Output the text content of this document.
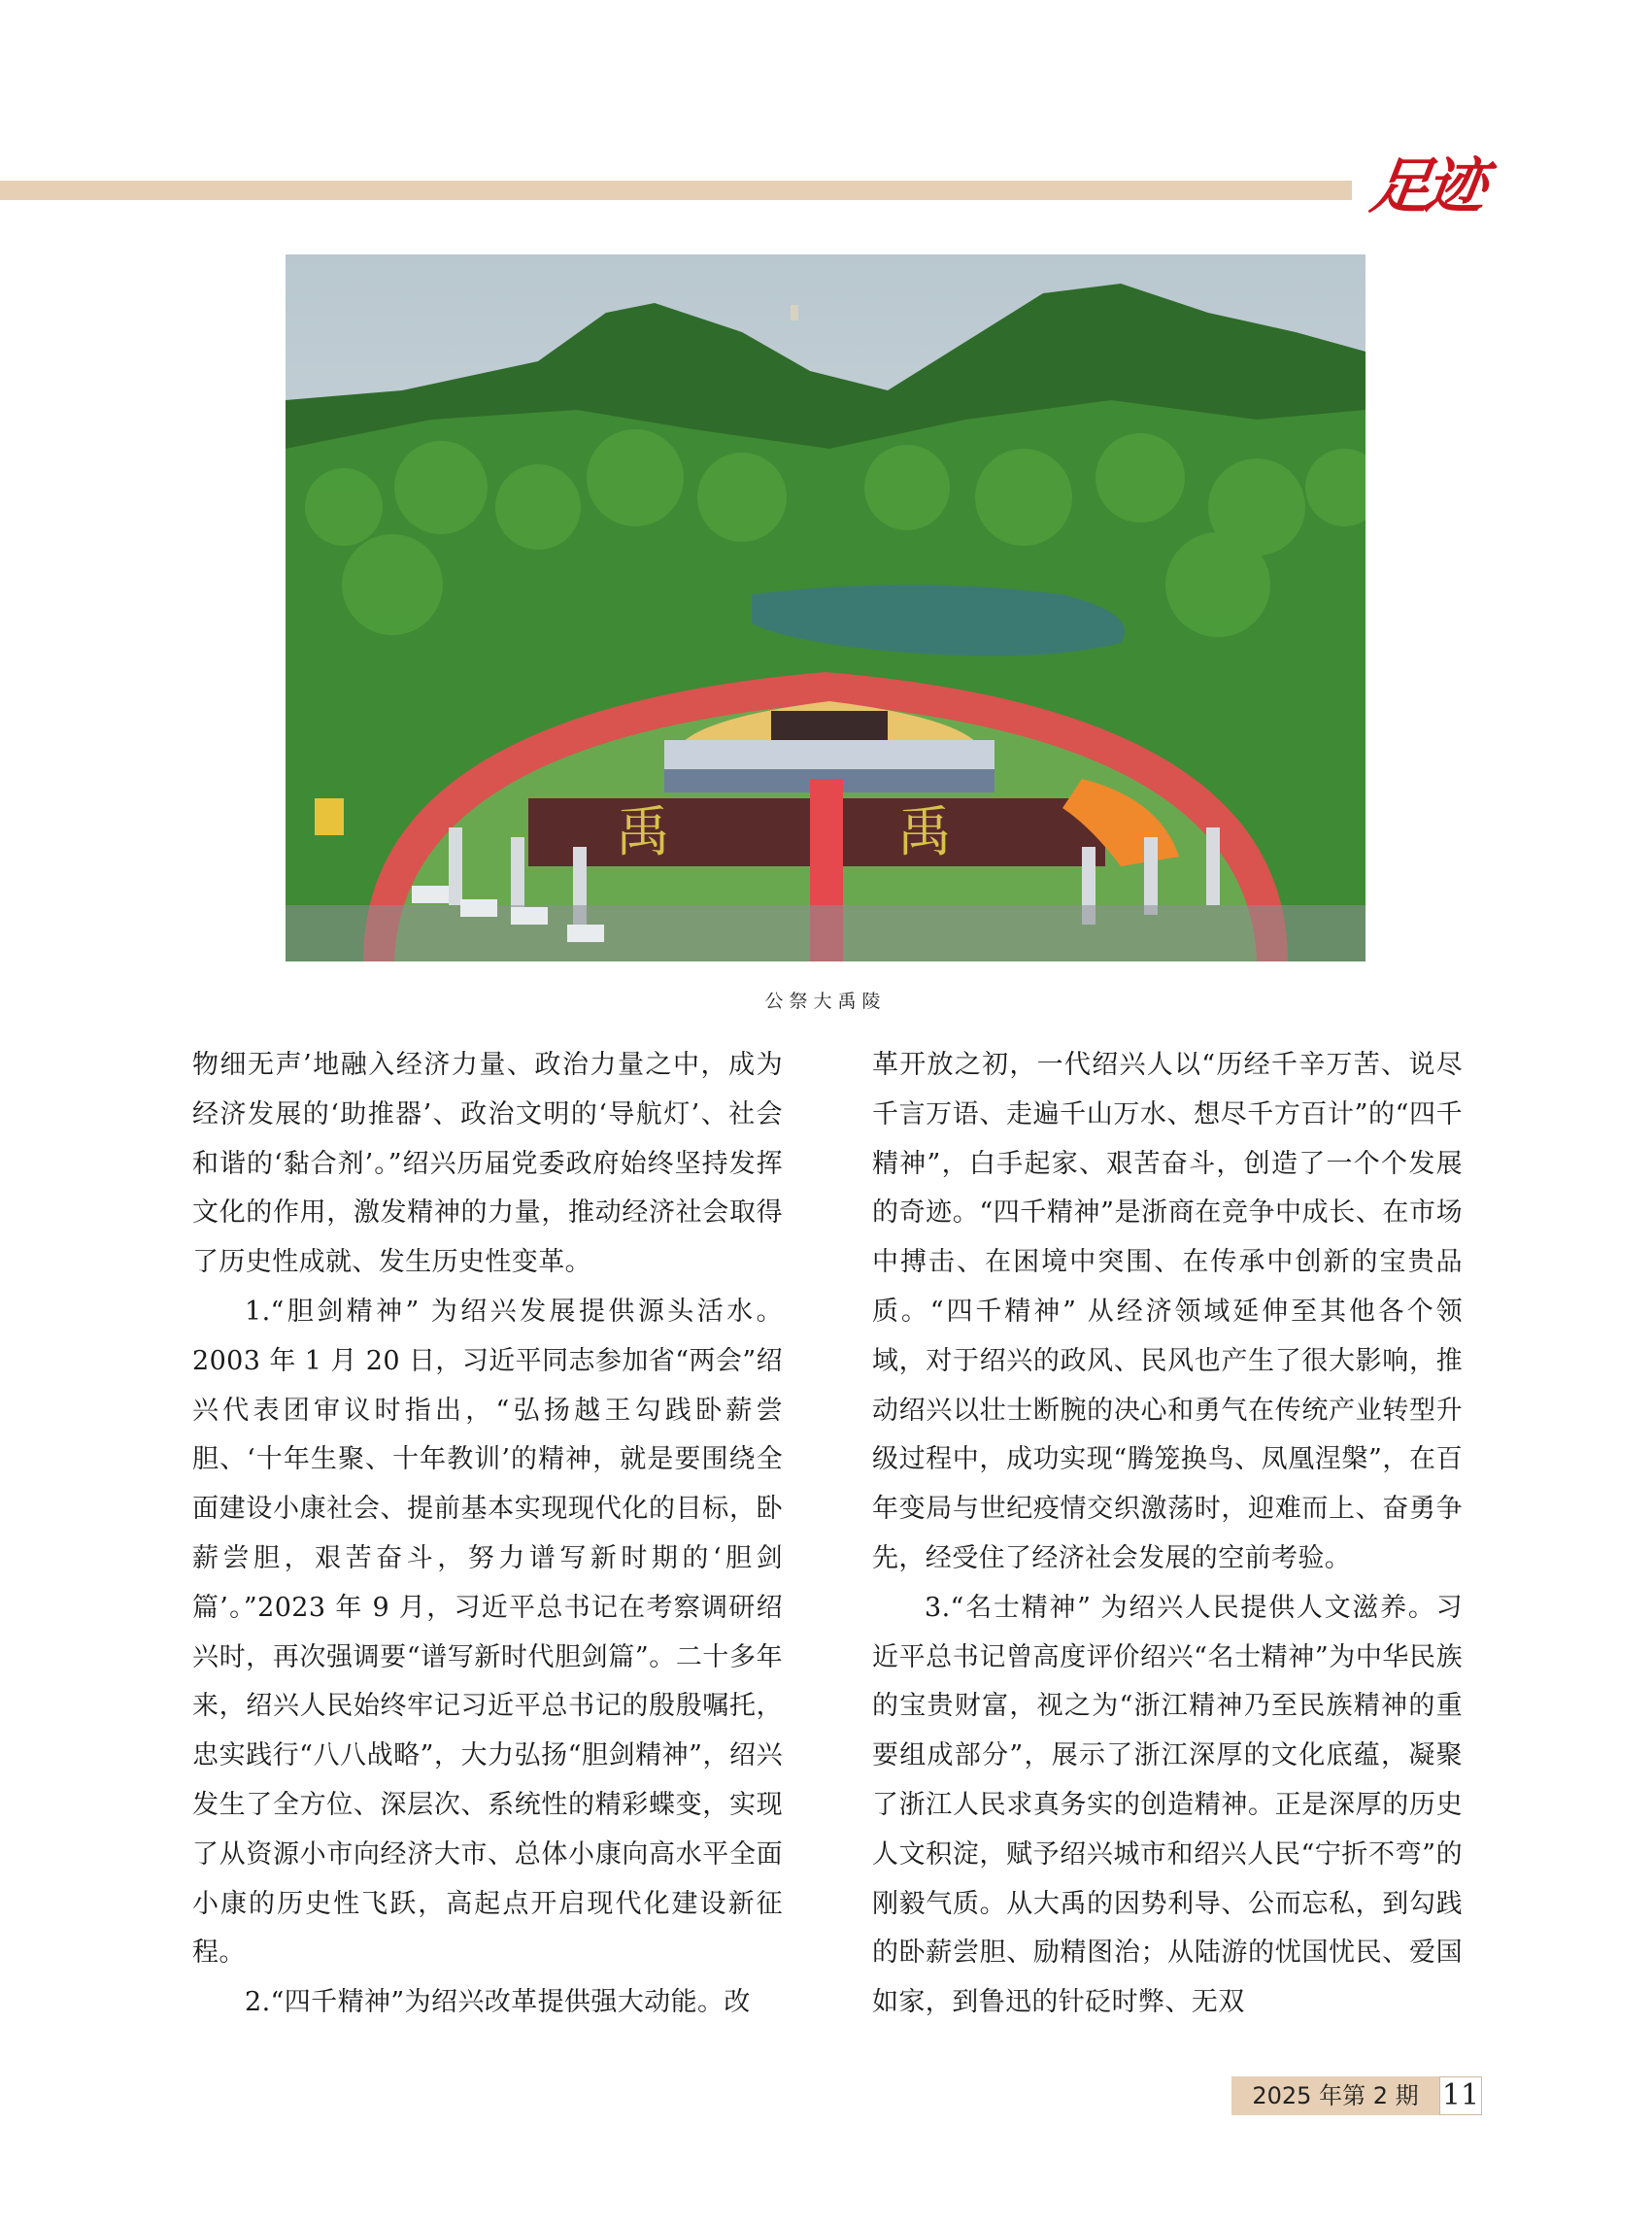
足迹
禹	禹
公祭大禹陵

物细无声’地融入经济力量、政治力量之中，成为经济发展的‘助推器’、政治文明的‘导航灯’、社会和谐的‘黏合剂’。”绍兴历届党委政府始终坚持发挥文化的作用，激发精神的力量，推动经济社会取得了历史性成就、发生历史性变革。

1.“胆剑精神” 为绍兴发展提供源头活水。2003 年 1 月 20 日，习近平同志参加省“两会”绍兴代表团审议时指出，“弘扬越王勾践卧薪尝胆、‘十年生聚、十年教训’的精神，就是要围绕全面建设小康社会、提前基本实现现代化的目标，卧薪尝胆，艰苦奋斗，努力谱写新时期的‘胆剑篇’。”2023 年 9 月，习近平总书记在考察调研绍兴时，再次强调要“谱写新时代胆剑篇”。二十多年来，绍兴人民始终牢记习近平总书记的殷殷嘱托，忠实践行“八八战略”，大力弘扬“胆剑精神”，绍兴发生了全方位、深层次、系统性的精彩蝶变，实现了从资源小市向经济大市、总体小康向高水平全面小康的历史性飞跃，高起点开启现代化建设新征程。

2.“四千精神”为绍兴改革提供强大动能。改

革开放之初，一代绍兴人以“历经千辛万苦、说尽千言万语、走遍千山万水、想尽千方百计”的“四千精神”，白手起家、艰苦奋斗，创造了一个个发展的奇迹。“四千精神”是浙商在竞争中成长、在市场中搏击、在困境中突围、在传承中创新的宝贵品质。“四千精神” 从经济领域延伸至其他各个领域，对于绍兴的政风、民风也产生了很大影响，推动绍兴以壮士断腕的决心和勇气在传统产业转型升级过程中，成功实现“腾笼换鸟、凤凰涅槃”，在百年变局与世纪疫情交织激荡时，迎难而上、奋勇争先，经受住了经济社会发展的空前考验。

3.“名士精神” 为绍兴人民提供人文滋养。习近平总书记曾高度评价绍兴“名士精神”为中华民族的宝贵财富，视之为“浙江精神乃至民族精神的重要组成部分”，展示了浙江深厚的文化底蕴，凝聚了浙江人民求真务实的创造精神。正是深厚的历史人文积淀，赋予绍兴城市和绍兴人民“宁折不弯”的刚毅气质。从大禹的因势利导、公而忘私，到勾践的卧薪尝胆、励精图治；从陆游的忧国忧民、爱国如家，到鲁迅的针砭时弊、无双

2025 年第 2 期 11
